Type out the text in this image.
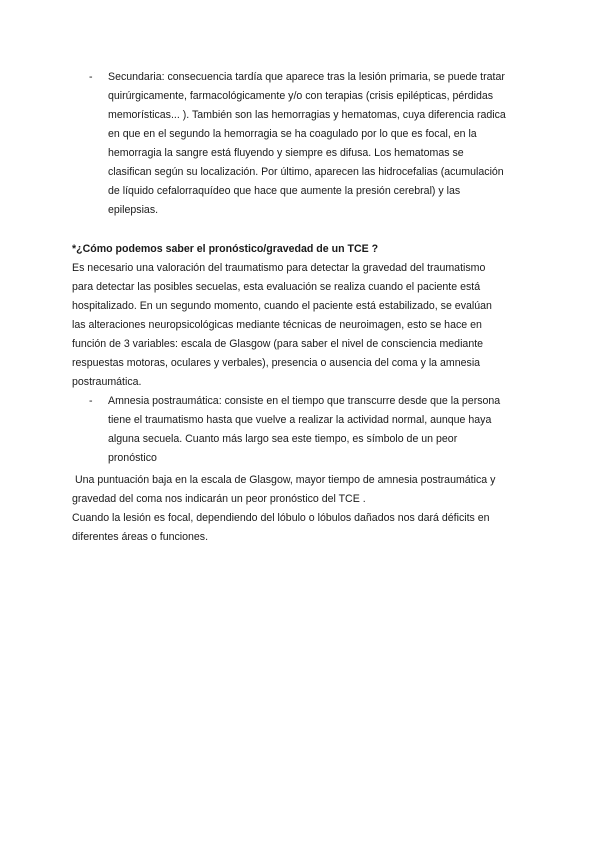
-	Secundaria: consecuencia tardía que aparece tras la lesión primaria, se puede tratar
quirúrgicamente, farmacológicamente y/o con terapias (crisis epilépticas, pérdidas
memorísticas... ). También son las hemorragias y hematomas, cuya diferencia radica
en que en el segundo la hemorragia se ha coagulado por lo que es focal, en la
hemorragia la sangre está fluyendo y siempre es difusa. Los hematomas se
clasifican según su localización. Por último, aparecen las hidrocefalias (acumulación
de líquido cefalorraquídeo que hace que aumente la presión cerebral) y las
epilepsias.
*¿Cómo podemos saber el pronóstico/gravedad de un TCE ?
Es necesario una valoración del traumatismo para detectar la gravedad del traumatismo
para detectar las posibles secuelas, esta evaluación se realiza cuando el paciente está
hospitalizado. En un segundo momento, cuando el paciente está estabilizado, se evalúan
las alteraciones neuropsicológicas mediante técnicas de neuroimagen, esto se hace en
función de 3 variables: escala de Glasgow (para saber el nivel de consciencia mediante
respuestas motoras, oculares y verbales), presencia o ausencia del coma y la amnesia
postraumática.
-	Amnesia postraumática: consiste en el tiempo que transcurre desde que la persona
tiene el traumatismo hasta que vuelve a realizar la actividad normal, aunque haya
alguna secuela. Cuanto más largo sea este tiempo, es símbolo de un peor
pronóstico
Una puntuación baja en la escala de Glasgow, mayor tiempo de amnesia postraumática y
gravedad del coma nos indicarán un peor pronóstico del TCE .
Cuando la lesión es focal, dependiendo del lóbulo o lóbulos dañados nos dará déficits en
diferentes áreas o funciones.
